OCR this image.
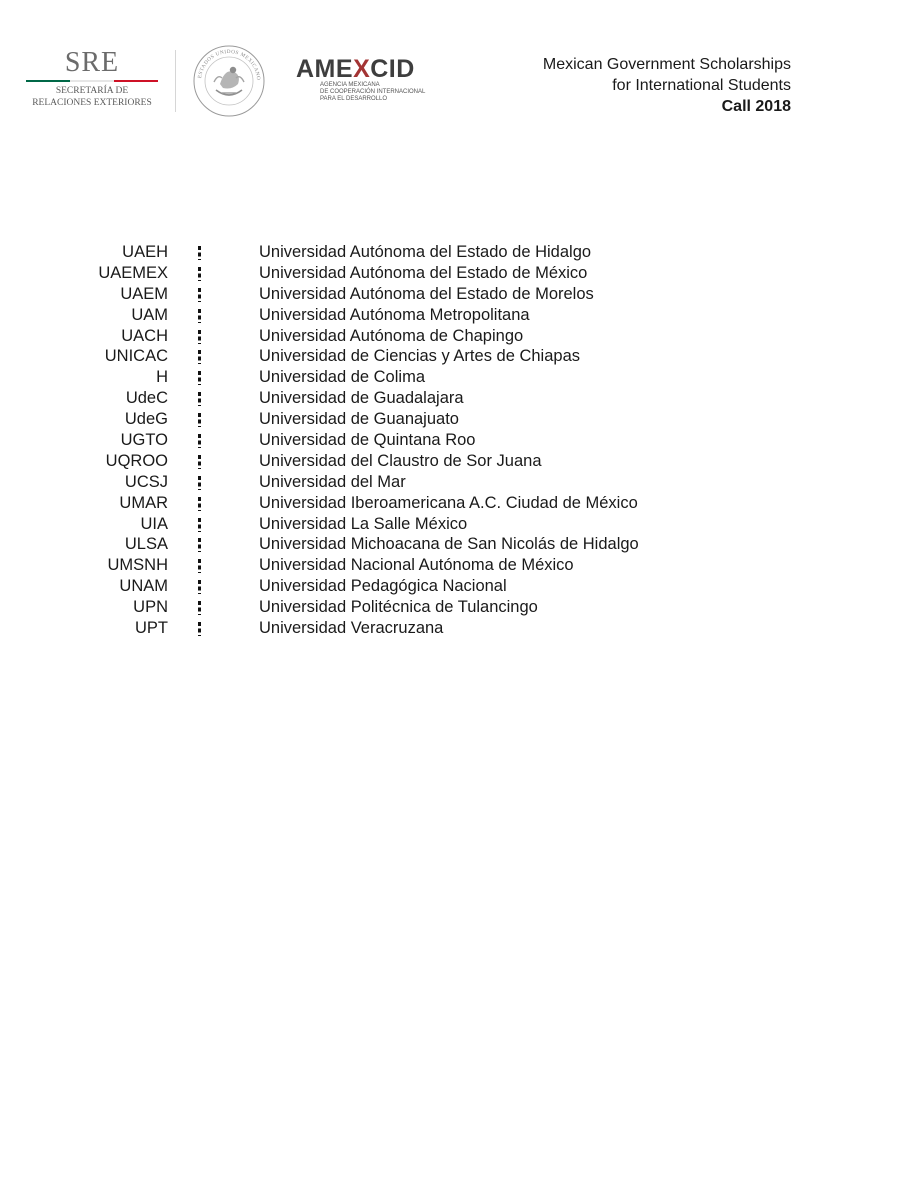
SRE
SECRETARÍA DE
RELACIONES EXTERIORES
ESTADOS UNIDOS MEXICANO AMEXCID
AGENCIA MEXICANA
DE COOPERACIÓN INTERNACIONAL
PARA EL DESARROLLO
Mexican Government Scholarships
for International Students
Call 2018
UAEH	Universidad Autónoma del Estado de Hidalgo
UAEMEX	Universidad Autónoma del Estado de México
UAEM	Universidad Autónoma del Estado de Morelos
UAM	Universidad Autónoma Metropolitana
UACH	Universidad Autónoma de Chapingo
UNICAC	Universidad de Ciencias y Artes de Chiapas
H	Universidad de Colima
UdeC	Universidad de Guadalajara
UdeG	Universidad de Guanajuato
UGTO	Universidad de Quintana Roo
UQROO	Universidad del Claustro de Sor Juana
UCSJ	Universidad del Mar
UMAR	Universidad Iberoamericana A.C. Ciudad de México
UIA	Universidad La Salle México
ULSA	Universidad Michoacana de San Nicolás de Hidalgo
UMSNH	Universidad Nacional Autónoma de México
UNAM	Universidad Pedagógica Nacional
UPN	Universidad Politécnica de Tulancingo
UPT	Universidad Veracruzana
